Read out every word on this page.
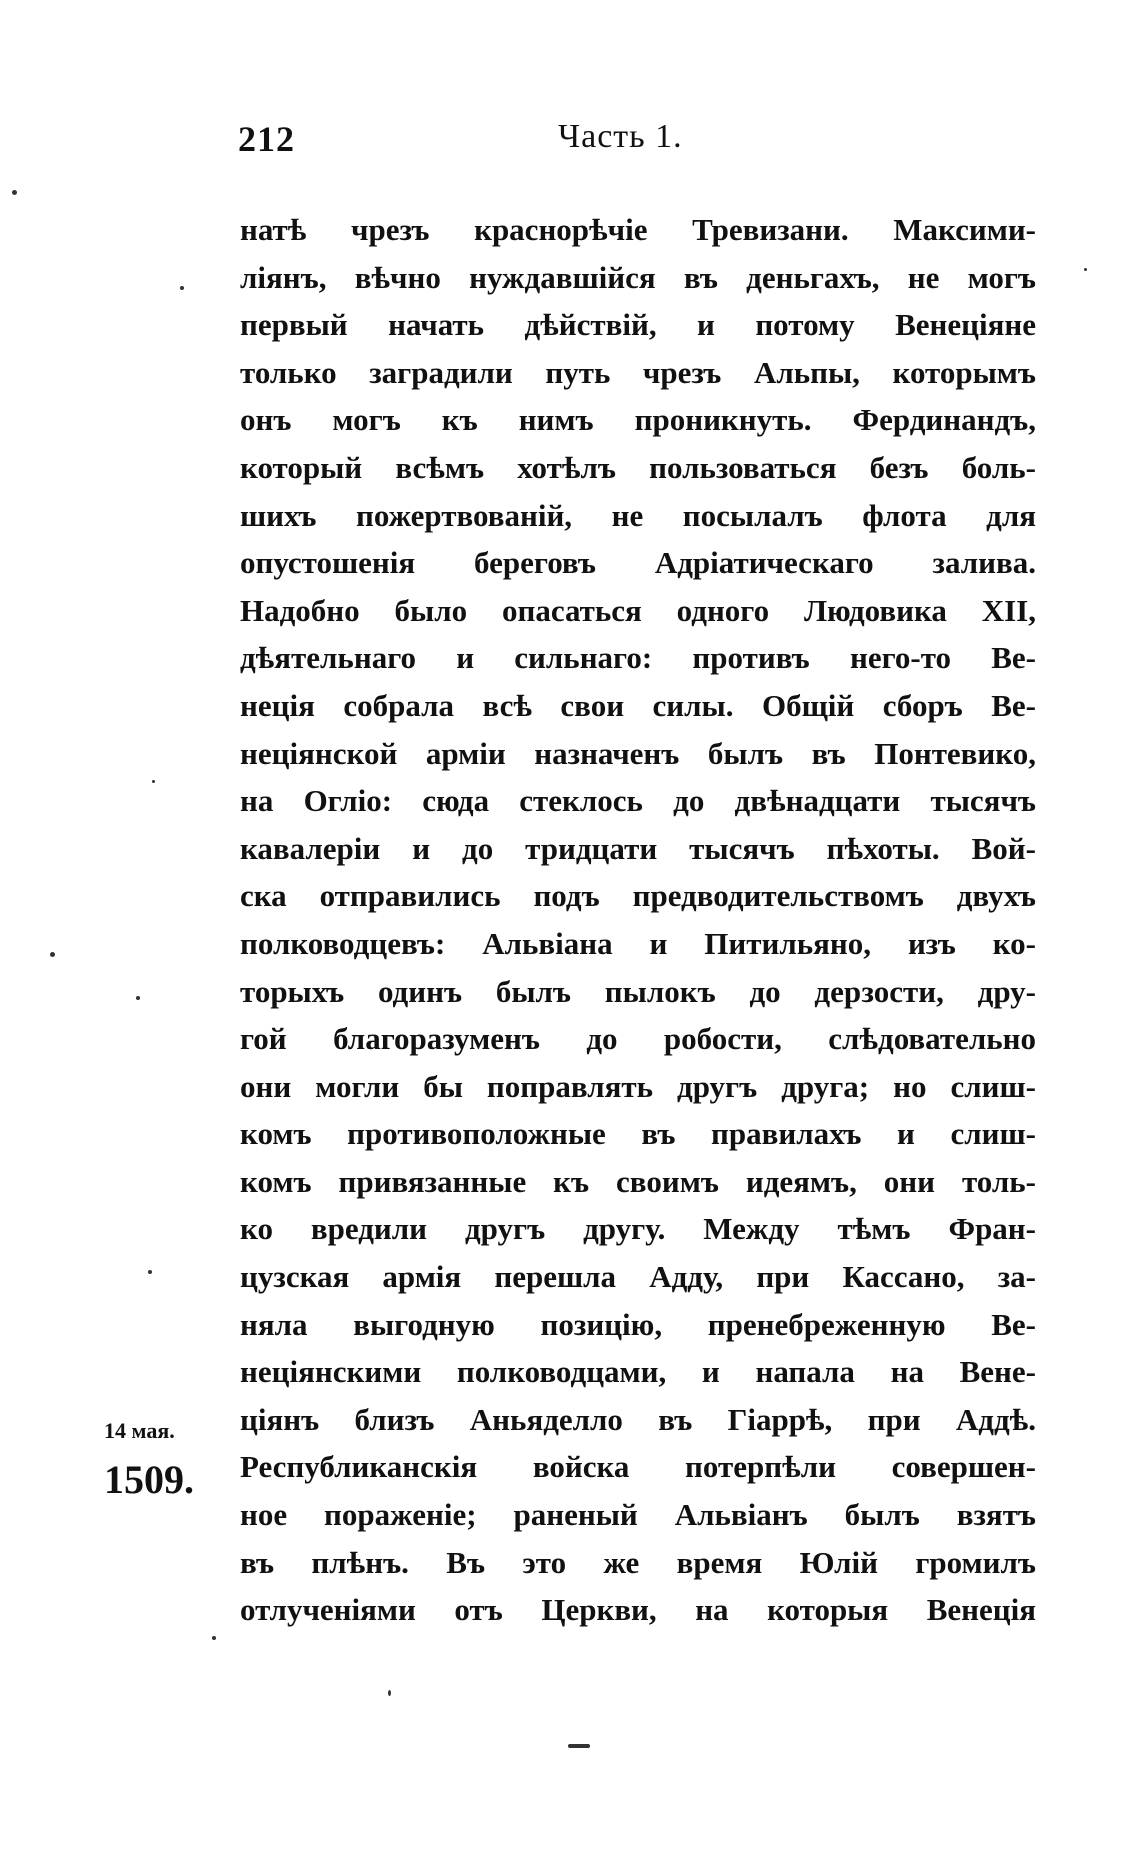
212	Часть 1.
натѣ чрезъ краснорѣчіе Тревизани. Максими-
ліянъ, вѣчно нуждавшійся въ деньгахъ, не могъ
первый начать дѣйствій, и потому Венеціяне
только заградили путь чрезъ Альпы, которымъ
онъ могъ къ нимъ проникнуть. Фердинандъ,
который всѣмъ хотѣлъ пользоваться безъ боль-
шихъ пожертвованій, не посылалъ флота для
опустошенія береговъ Адріатическаго залива.
Надобно было опасаться одного Людовика XII,
дѣятельнаго и сильнаго: противъ него-то Ве-
неція собрала всѣ свои силы. Общій сборъ Ве-
неціянской арміи назначенъ былъ въ Понтевико,
на Огліо: сюда стеклось до двѣнадцати тысячъ
кавалеріи и до тридцати тысячъ пѣхоты. Вой-
ска отправились подъ предводительствомъ двухъ
полководцевъ: Альвіана и Питильяно, изъ ко-
торыхъ одинъ былъ пылокъ до дерзости, дру-
гой благоразуменъ до робости, слѣдовательно
они могли бы поправлять другъ друга; но слиш-
комъ противоположные въ правилахъ и слиш-
комъ привязанные къ своимъ идеямъ, они толь-
ко вредили другъ другу. Между тѣмъ Фран-
цузская армія перешла Адду, при Кассано, за-
няла выгодную позицію, пренебреженную Ве-
неціянскими полководцами, и напала на Вене-
ціянъ близъ Аньяделло въ Гіаррѣ, при Аддѣ.
Республиканскія войска потерпѣли совершен-
ное пораженіе; раненый Альвіанъ былъ взятъ
въ плѣнъ. Въ это же время Юлій громилъ
отлученіями отъ Церкви, на которыя Венеція
14 мая.
1509.
